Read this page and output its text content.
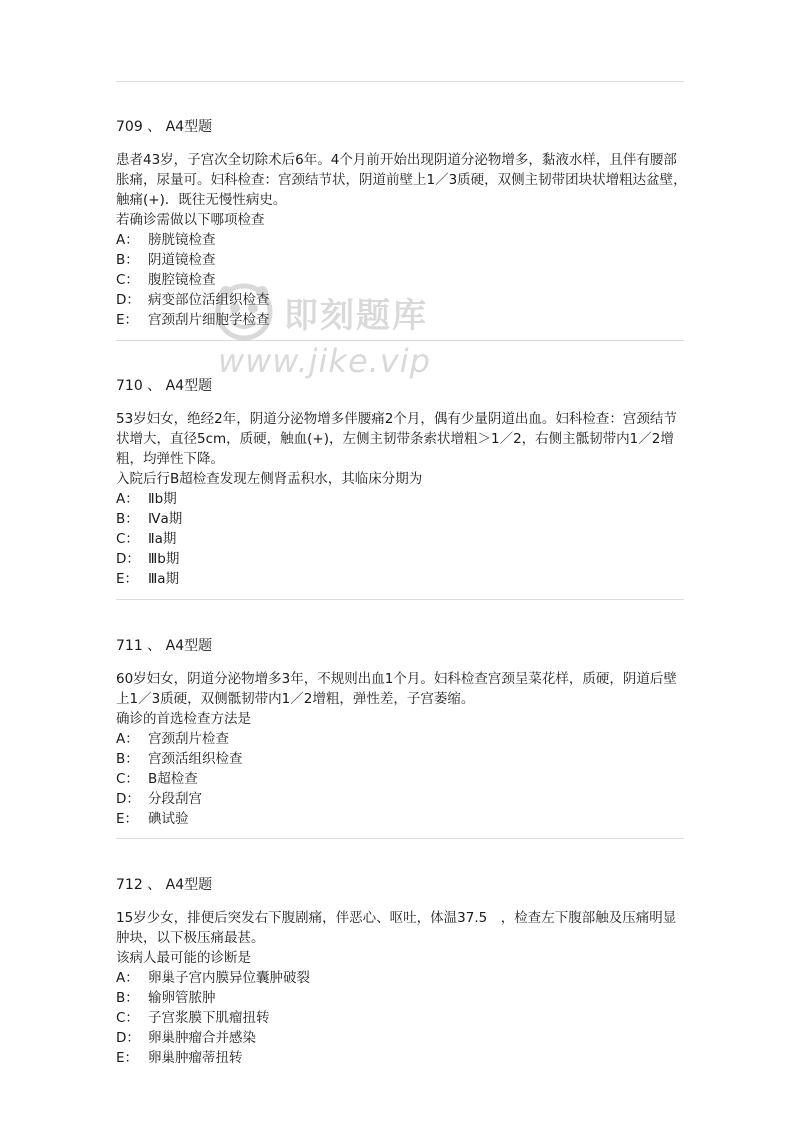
709 、 A4型题
患者43岁，子宫次全切除术后6年。4个月前开始出现阴道分泌物增多，黏液水样，且伴有腰部胀痛，尿量可。妇科检查：宫颈结节状，阴道前壁上1／3质硬，双侧主韧带团块状增粗达盆壁，触痛(+)．既往无慢性病史。
若确诊需做以下哪项检查
A： 膀胱镜检查
B： 阴道镜检查
C： 腹腔镜检查
D： 病变部位活组织检查
E： 宫颈刮片细胞学检查
710 、 A4型题
53岁妇女，绝经2年，阴道分泌物增多伴腰痛2个月，偶有少量阴道出血。妇科检查：宫颈结节状增大，直径5cm，质硬，触血(+)，左侧主韧带条索状增粗＞1／2，右侧主骶韧带内1／2增粗，均弹性下降。
入院后行B超检查发现左侧肾盂积水，其临床分期为
A： Ⅱb期
B： Ⅳa期
C： Ⅱa期
D： Ⅲb期
E： Ⅲa期
711 、 A4型题
60岁妇女，阴道分泌物增多3年，不规则出血1个月。妇科检查宫颈呈菜花样，质硬，阴道后壁上1／3质硬，双侧骶韧带内1／2增粗，弹性差，子宫萎缩。
确诊的首选检查方法是
A： 宫颈刮片检查
B： 宫颈活组织检查
C： B超检查
D： 分段刮宫
E： 碘试验
712 、 A4型题
15岁少女，排便后突发右下腹剧痛，伴恶心、呕吐，体温37.5　，检查左下腹部触及压痛明显肿块，以下极压痛最甚。
该病人最可能的诊断是
A： 卵巢子宫内膜异位囊肿破裂
B： 输卵管脓肿
C： 子宫浆膜下肌瘤扭转
D： 卵巢肿瘤合并感染
E： 卵巢肿瘤蒂扭转
即刻题库
www.jike.vip
